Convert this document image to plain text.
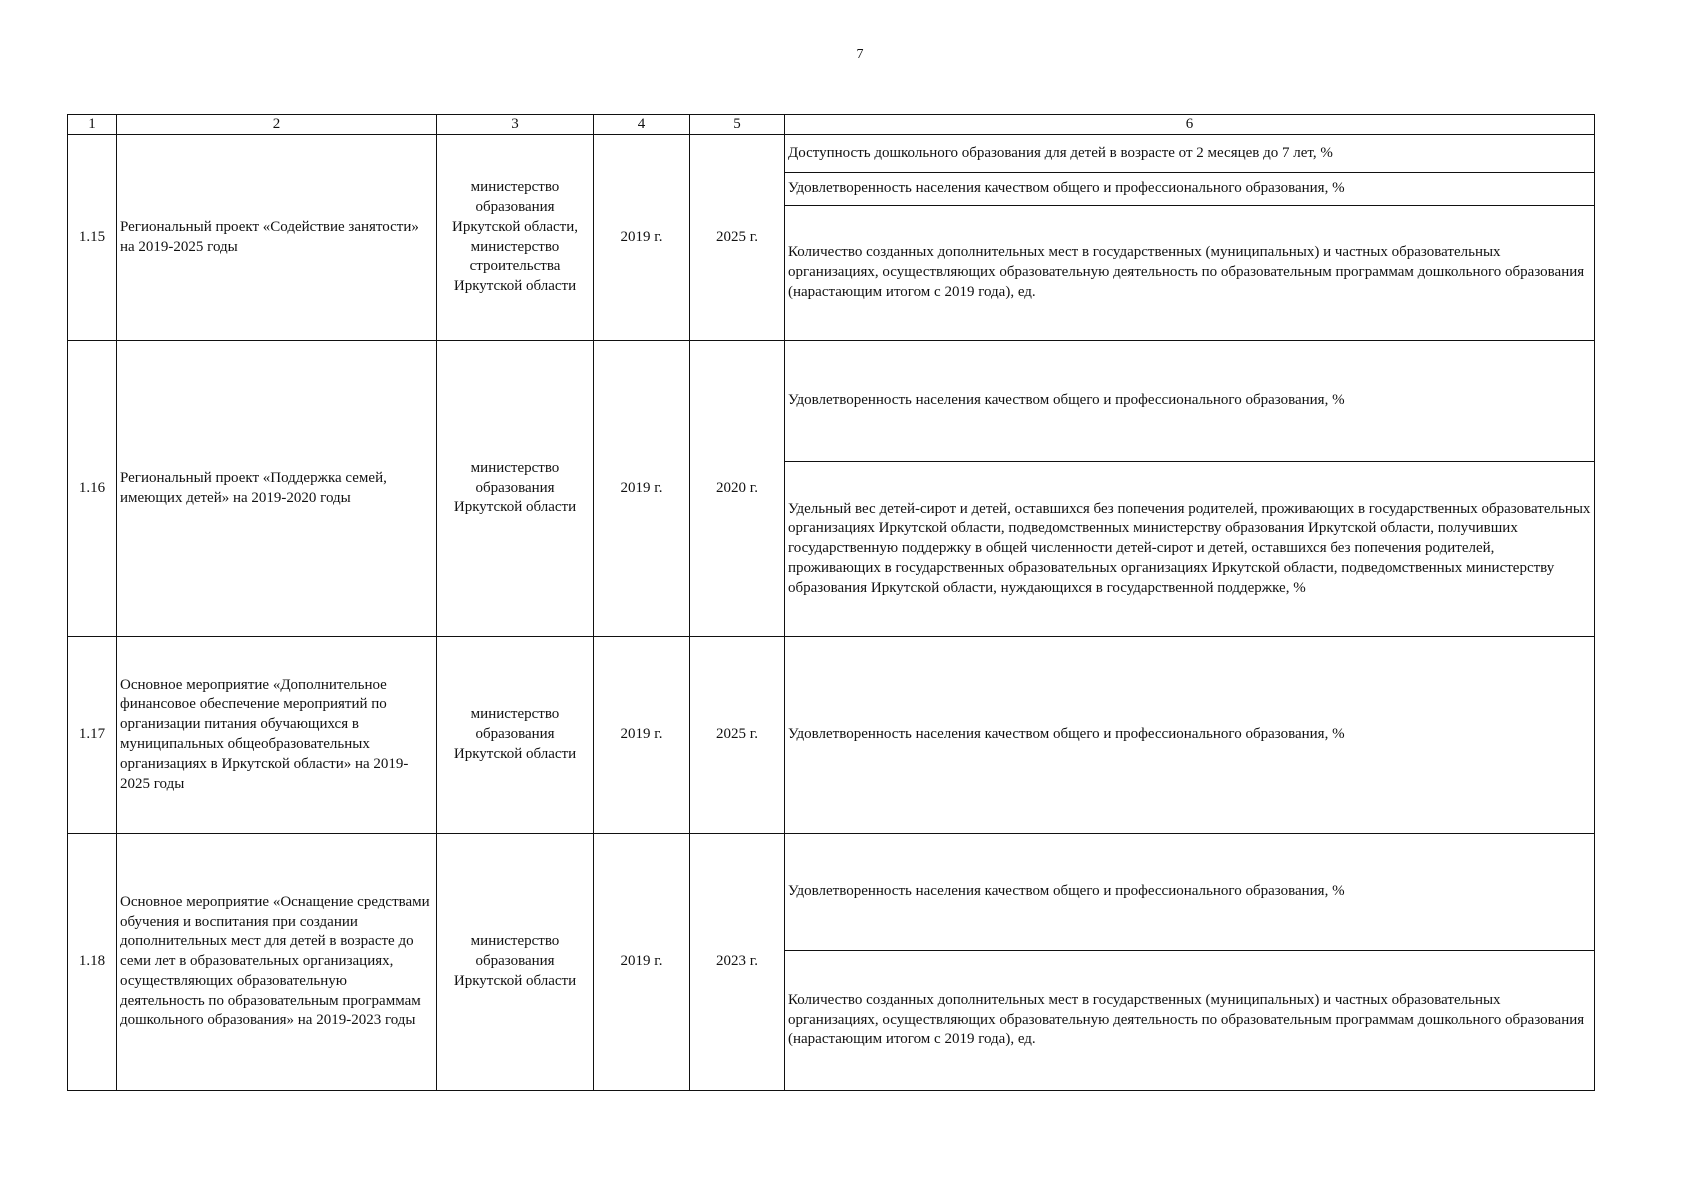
7
1	2	3	4	5	6
1.15	Региональный проект «Содействие занятости» на 2019-2025 годы	министерство образования Иркутской области, министерство строительства Иркутской области	2019 г.	2025 г.	Доступность дошкольного образования для детей в возрасте от 2 месяцев до 7 лет, %
					Удовлетворенность населения качеством общего и профессионального образования, %
					Количество созданных дополнительных мест в государственных (муниципальных) и частных образовательных организациях, осуществляющих образовательную деятельность по образовательным программам дошкольного образования (нарастающим итогом с 2019 года), ед.
1.16	Региональный проект «Поддержка семей, имеющих детей» на 2019-2020 годы	министерство образования Иркутской области	2019 г.	2020 г.	Удовлетворенность населения качеством общего и профессионального образования, %
					Удельный вес детей-сирот и детей, оставшихся без попечения родителей, проживающих в государственных образовательных организациях Иркутской области, подведомственных министерству образования Иркутской области, получивших государственную поддержку в общей численности детей-сирот и детей, оставшихся без попечения родителей, проживающих в государственных образовательных организациях Иркутской области, подведомственных министерству образования Иркутской области, нуждающихся в государственной поддержке, %
1.17	Основное мероприятие «Дополнительное финансовое обеспечение мероприятий по организации питания обучающихся в муниципальных общеобразовательных организациях в Иркутской области» на 2019-2025 годы	министерство образования Иркутской области	2019 г.	2025 г.	Удовлетворенность населения качеством общего и профессионального образования, %
1.18	Основное мероприятие «Оснащение средствами обучения и воспитания при создании дополнительных мест для детей в возрасте до семи лет в образовательных организациях, осуществляющих образовательную деятельность по образовательным программам дошкольного образования» на 2019-2023 годы	министерство образования Иркутской области	2019 г.	2023 г.	Удовлетворенность населения качеством общего и профессионального образования, %
					Количество созданных дополнительных мест в государственных (муниципальных) и частных образовательных организациях, осуществляющих образовательную деятельность по образовательным программам дошкольного образования (нарастающим итогом с 2019 года), ед.
